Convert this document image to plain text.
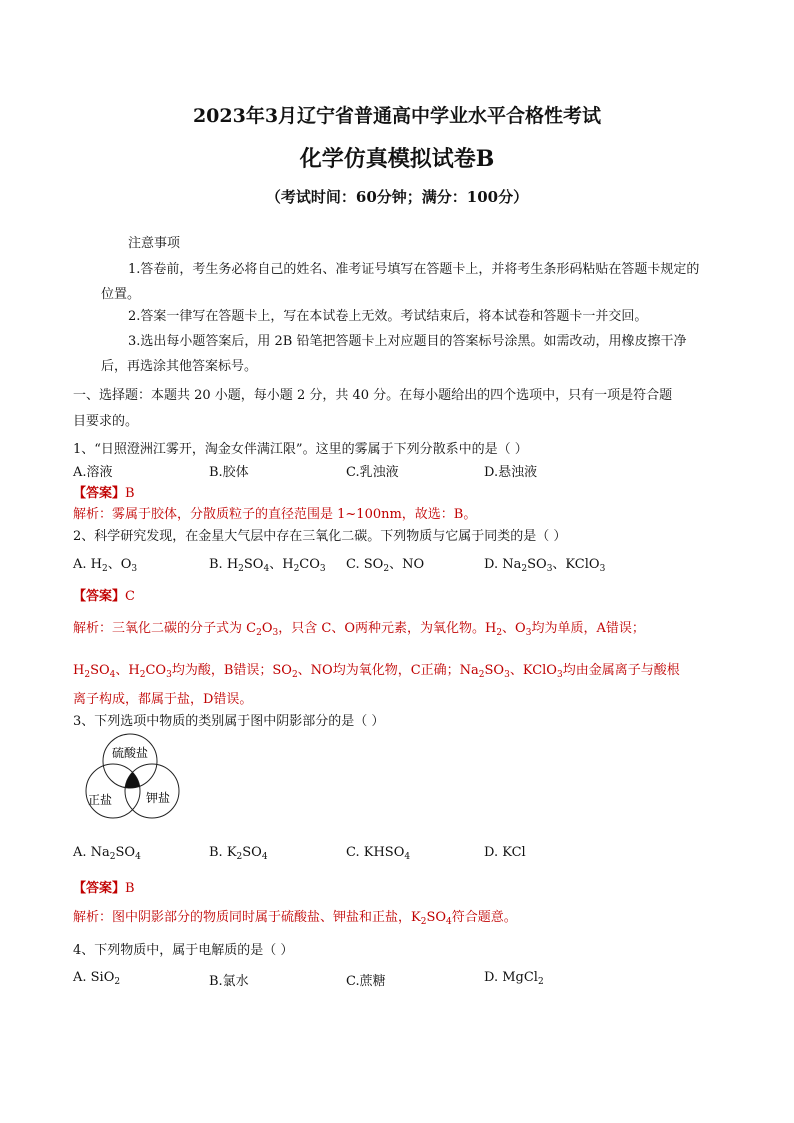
2023年3月辽宁省普通高中学业水平合格性考试
化学仿真模拟试卷B
（考试时间：60分钟；满分：100分）
注意事项
1.答卷前，考生务必将自己的姓名、准考证号填写在答题卡上，并将考生条形码粘贴在答题卡规定的
位置。
2.答案一律写在答题卡上，写在本试卷上无效。考试结束后，将本试卷和答题卡一并交回。
3.选出每小题答案后，用 2B 铅笔把答题卡上对应题目的答案标号涂黑。如需改动，用橡皮擦干净
后，再选涂其他答案标号。
一、选择题：本题共 20 小题，每小题 2 分，共 40 分。在每小题给出的四个选项中，只有一项是符合题
目要求的。
1、“日照澄洲江雾开，淘金女伴满江限”。这里的雾属于下列分散系中的是（ ）
A.溶液	B.胶体	C.乳浊液	D.悬浊液
【答案】B
解析：雾属于胶体，分散质粒子的直径范围是 1~100nm，故选：B。
2、科学研究发现，在金星大气层中存在三氧化二碳。下列物质与它属于同类的是（ ）
A. $H_2$、$O_3$	B. $H_2SO_4$、$H_2CO_3$ C. $SO_2$、NO	D. $Na_2SO_3$、KClO$_3$
【答案】C
解析：三氧化二碳的分子式为 $C_2O_3$，只含 C、O两种元素，为氧化物。$H_2$、$O_3$均为单质，A错误；
$H_2SO_4$、$H_2CO_3$均为酸，B错误；$SO_2$、NO均为氧化物，C正确；$Na_2SO_3$、KClO$_3$均由金属离子与酸根
离子构成，都属于盐，D错误。
3、下列选项中物质的类别属于图中阴影部分的是（ ）
硫酸盐
正盐	钾盐
A. $Na_2SO_4$	B. $K_2SO_4$	C. $KHSO_4$	D. KCl
【答案】B
解析：图中阴影部分的物质同时属于硫酸盐、钾盐和正盐，$K_2SO_4$符合题意。
4、下列物质中，属于电解质的是（ ）
A. SiO$_2$	B.氯水	C.蔗糖	D. MgCl$_2$
